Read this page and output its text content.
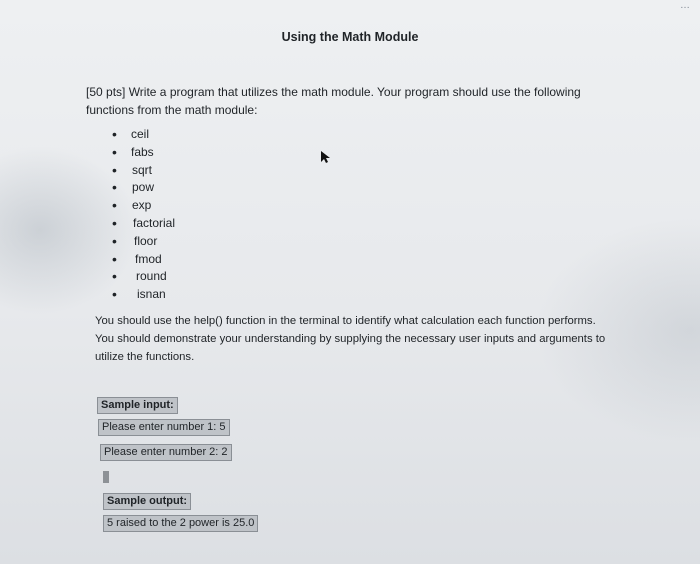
…
Using the Math Module
[50 pts] Write a program that utilizes the math module. Your program should use the following functions from the math module:
• ceil
• fabs
• sqrt
• pow
• exp
• factorial
• floor
• fmod
• round
• isnan
You should use the help() function in the terminal to identify what calculation each function performs. You should demonstrate your understanding by supplying the necessary user inputs and arguments to utilize the functions.
Sample input:
Please enter number 1: 5
Please enter number 2: 2
Sample output:
5 raised to the 2 power is 25.0
